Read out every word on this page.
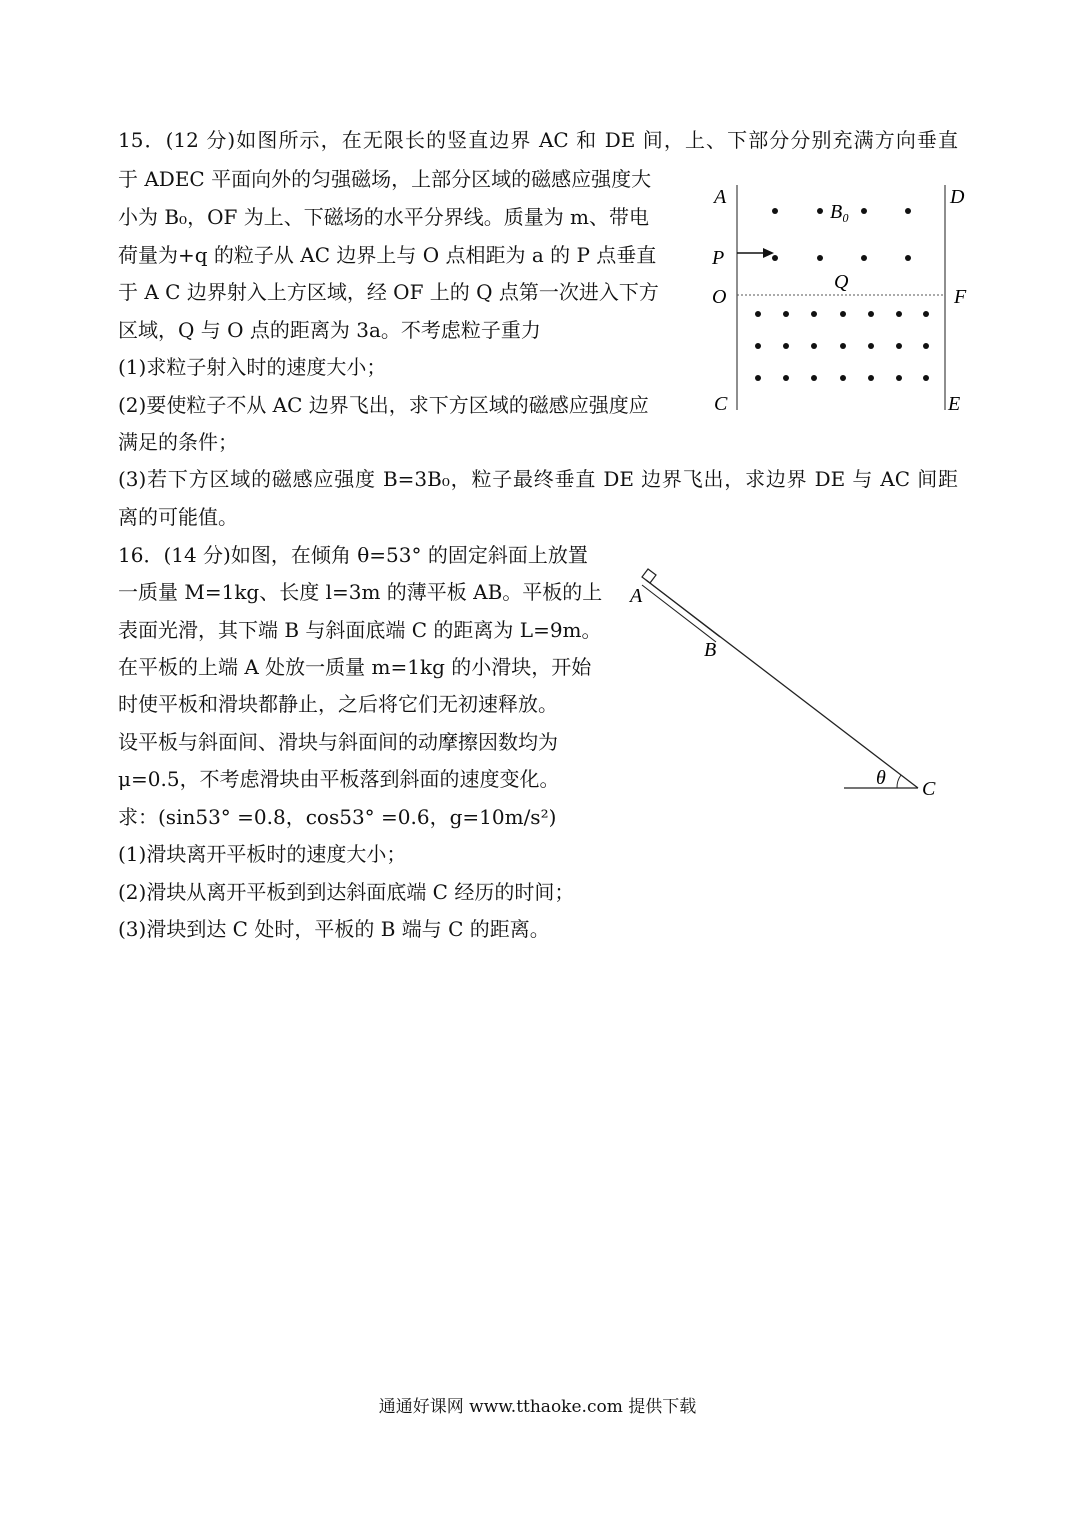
15．(12 分)如图所示，在无限长的竖直边界 AC 和 DE 间，上、下部分分别充满方向垂直
于 ADEC 平面向外的匀强磁场，上部分区域的磁感应强度大
小为 B₀，OF 为上、下磁场的水平分界线。质量为 m、带电
荷量为+q 的粒子从 AC 边界上与 O 点相距为 a 的 P 点垂直
于 A C 边界射入上方区域，经 OF 上的 Q 点第一次进入下方
区域，Q 与 O 点的距离为 3a。不考虑粒子重力
(1)求粒子射入时的速度大小；
(2)要使粒子不从 AC 边界飞出，求下方区域的磁感应强度应
满足的条件；
(3)若下方区域的磁感应强度 B=3B₀，粒子最终垂直 DE 边界飞出，求边界 DE 与 AC 间距
离的可能值。
A	D
P
O	F
Q
C	E
B₀
16．(14 分)如图，在倾角 θ=53° 的固定斜面上放置
一质量 M=1kg、长度 l=3m 的薄平板 AB。平板的上
表面光滑，其下端 B 与斜面底端 C 的距离为 L=9m。
在平板的上端 A 处放一质量 m=1kg 的小滑块，开始
时使平板和滑块都静止，之后将它们无初速释放。
设平板与斜面间、滑块与斜面间的动摩擦因数均为
μ=0.5，不考虑滑块由平板落到斜面的速度变化。
求：(sin53° =0.8，cos53° =0.6，g=10m/s²)
(1)滑块离开平板时的速度大小；
(2)滑块从离开平板到到达斜面底端 C 经历的时间；
(3)滑块到达 C 处时，平板的 B 端与 C 的距离。
A
B
C
θ
通通好课网 www.tthaoke.com 提供下载
